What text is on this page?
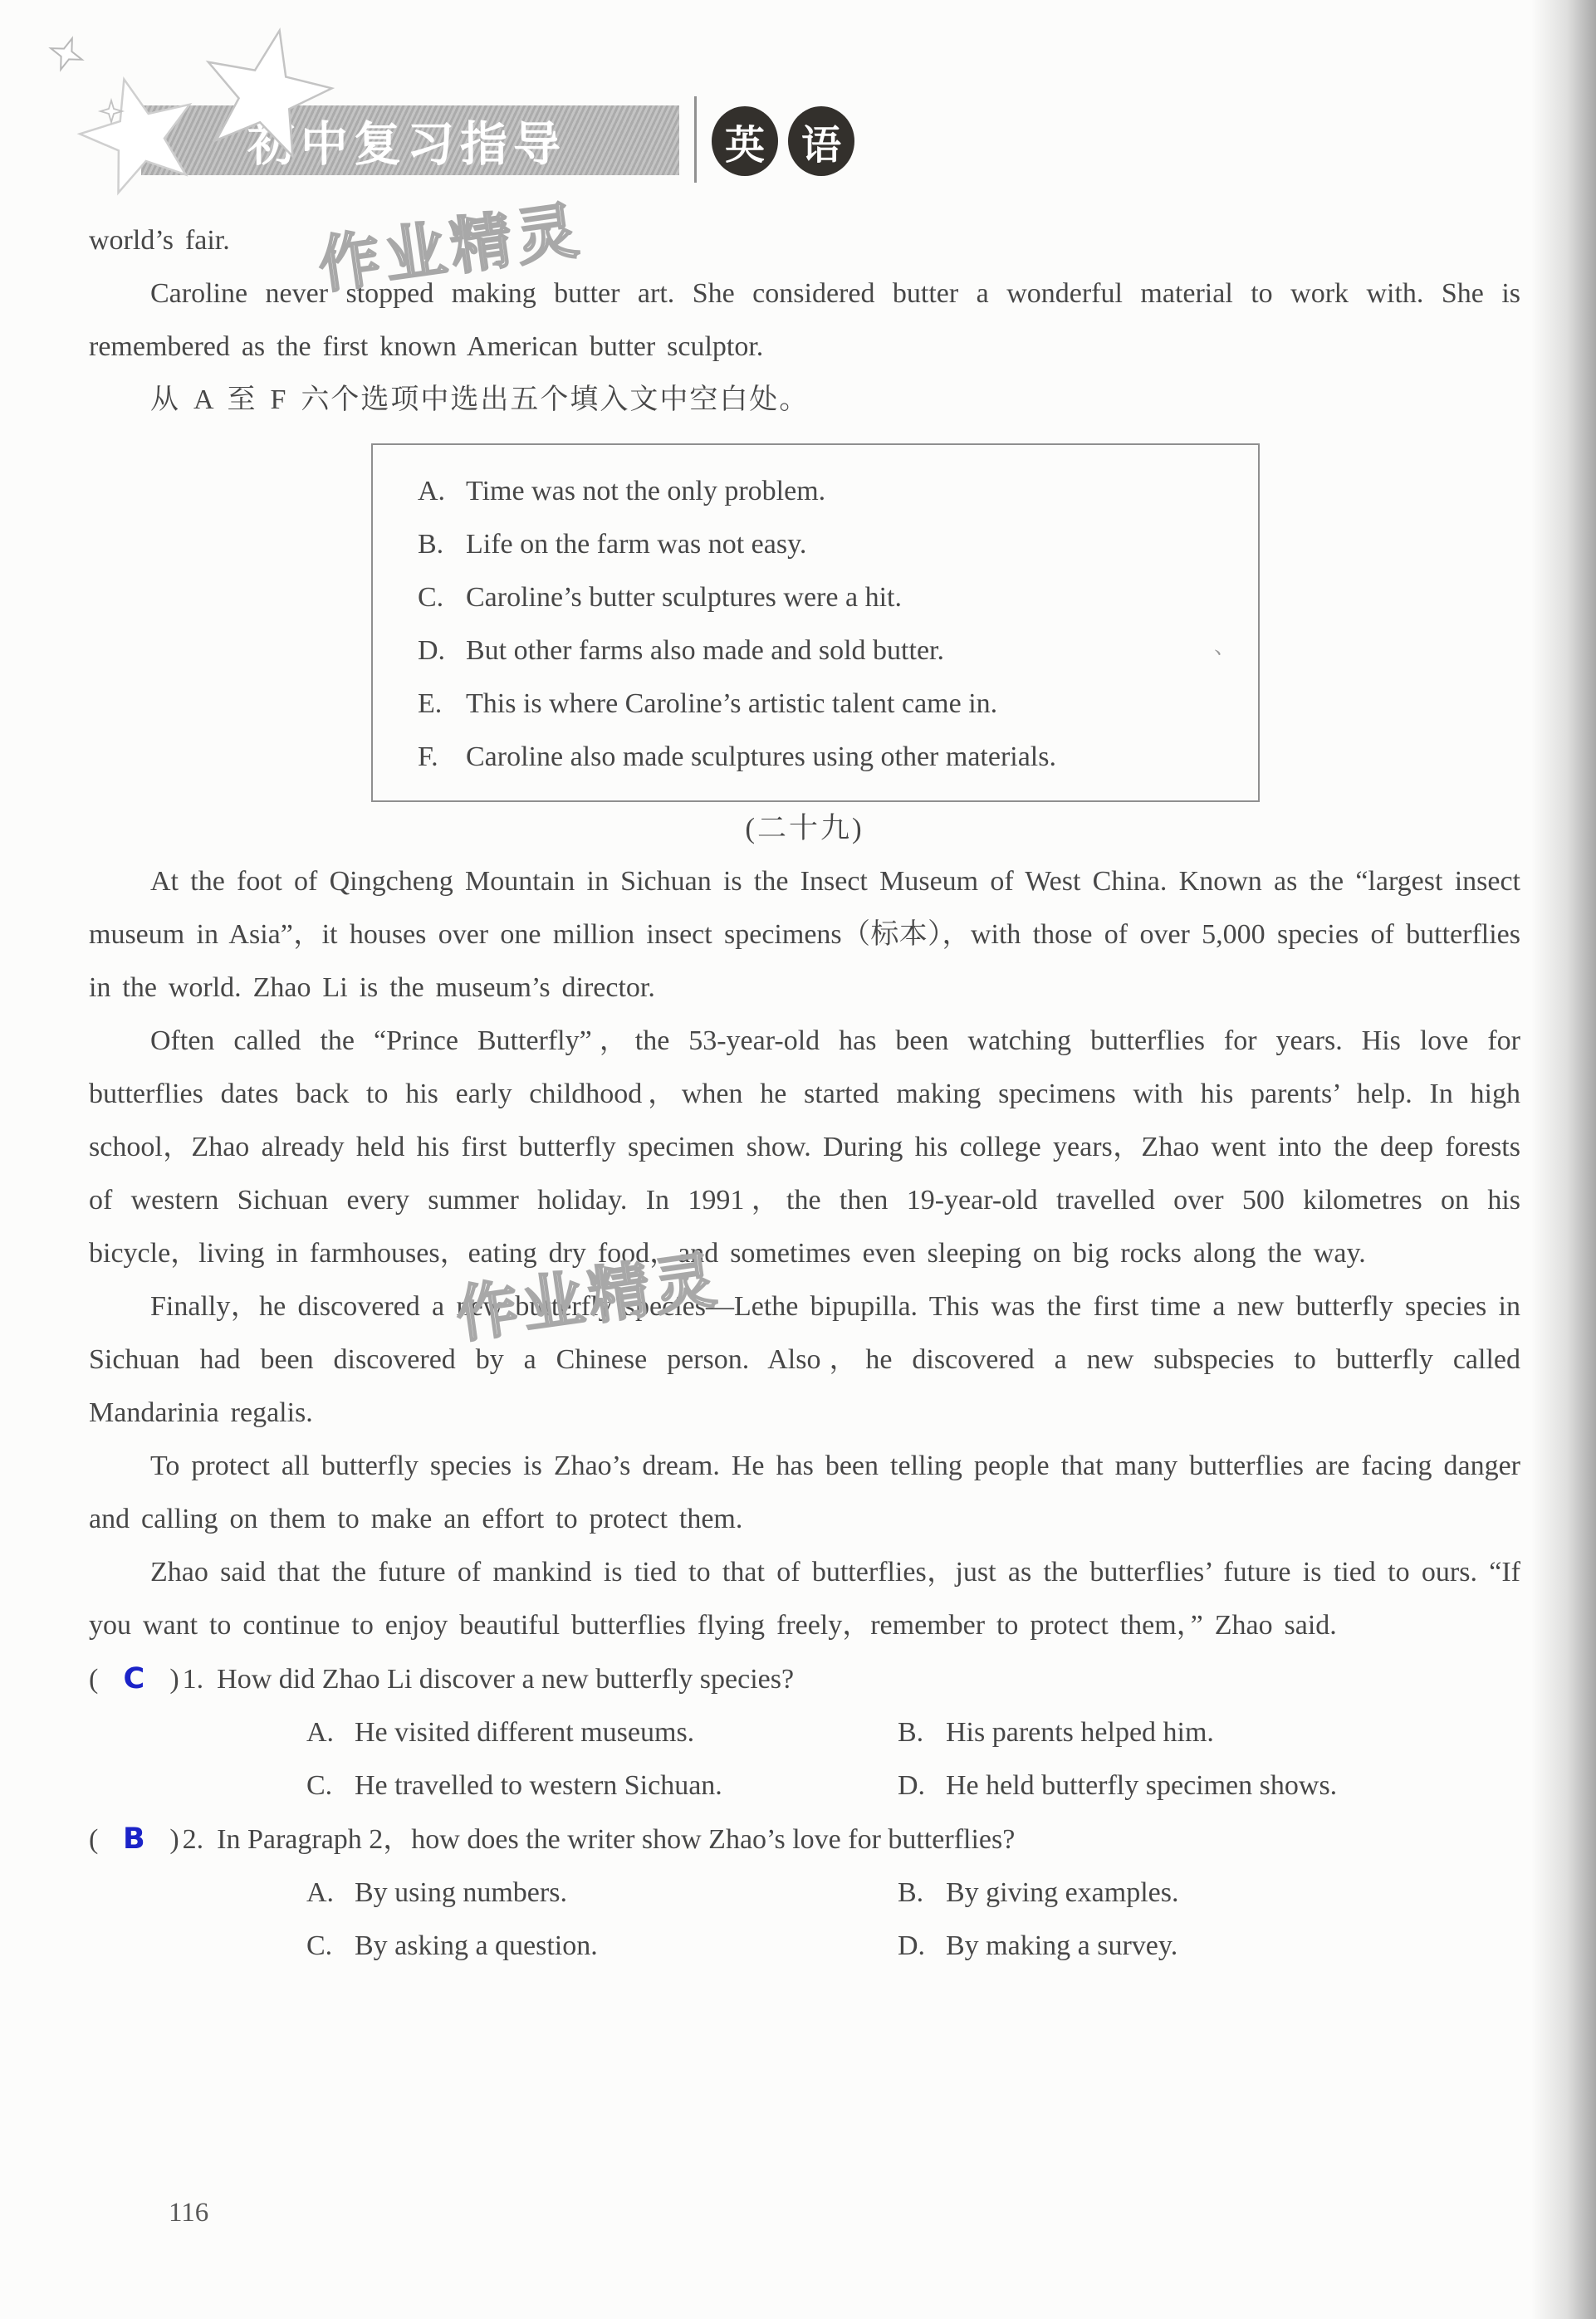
初中复习指导	英 语
作业精灵
作业精灵
、

world’s fair.

Caroline never stopped making butter art. She considered butter a wonderful material to work with. She is remembered as the first known American butter sculptor.

从 A 至 F 六个选项中选出五个填入文中空白处。

A. Time was not the only problem.
B. Life on the farm was not easy.
C. Caroline’s butter sculptures were a hit.
D. But other farms also made and sold butter.
E. This is where Caroline’s artistic talent came in.
F. Caroline also made sculptures using other materials.

(二十九)

At the foot of Qingcheng Mountain in Sichuan is the Insect Museum of West China. Known as the “largest insect museum in Asia”，it houses over one million insect specimens（标本），with those of over 5,000 species of butterflies in the world. Zhao Li is the museum’s director.

Often called the “Prince Butterfly”，the 53-year-old has been watching butterflies for years. His love for butterflies dates back to his early childhood，when he started making specimens with his parents’ help. In high school，Zhao already held his first butterfly specimen show. During his college years，Zhao went into the deep forests of western Sichuan every summer holiday. In 1991，the then 19-year-old travelled over 500 kilometres on his bicycle，living in farmhouses，eating dry food，and sometimes even sleeping on big rocks along the way.

Finally，he discovered a new butterfly species—Lethe bipupilla. This was the first time a new butterfly species in Sichuan had been discovered by a Chinese person. Also，he discovered a new subspecies to butterfly called Mandarinia regalis.

To protect all butterfly species is Zhao’s dream. He has been telling people that many butterflies are facing danger and calling on them to make an effort to protect them.

Zhao said that the future of mankind is tied to that of butterflies，just as the butterflies’ future is tied to ours. “If you want to continue to enjoy beautiful butterflies flying freely，remember to protect them，” Zhao said.

( C ) 1. How did Zhao Li discover a new butterfly species?
A. He visited different museums.	B. His parents helped him.
C. He travelled to western Sichuan.	D. He held butterfly specimen shows.
( B ) 2. In Paragraph 2，how does the writer show Zhao’s love for butterflies?
A. By using numbers.	B. By giving examples.
C. By asking a question.	D. By making a survey.
116
